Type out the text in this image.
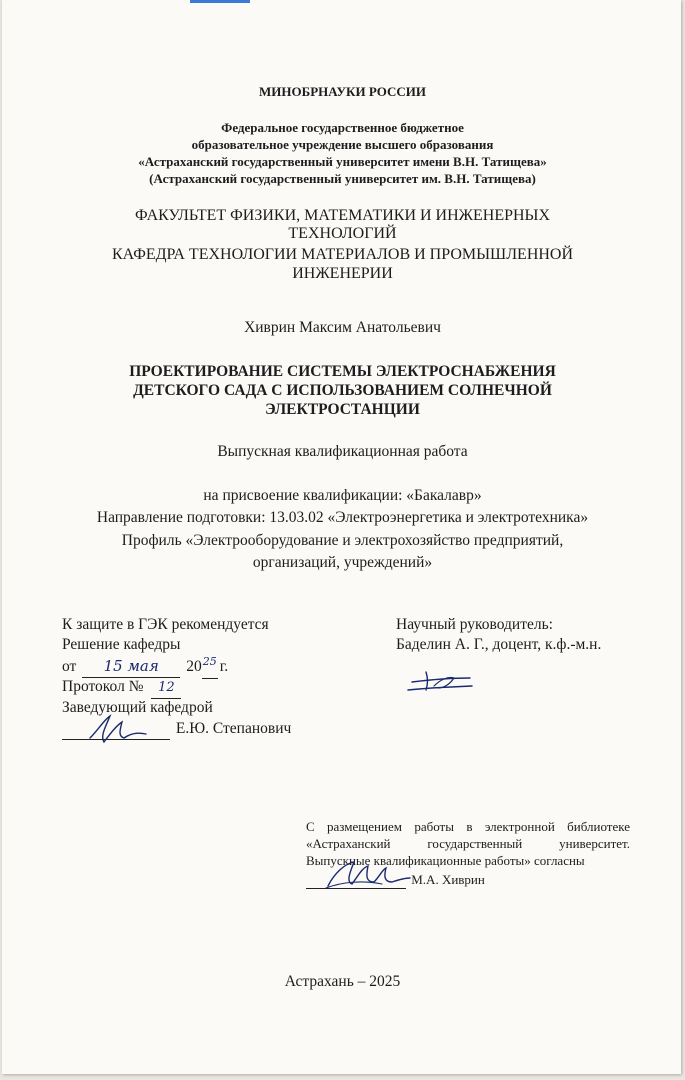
МИНОБРНАУКИ РОССИИ
Федеральное государственное бюджетное
образовательное учреждение высшего образования
«Астраханский государственный университет имени В.Н. Татищева»
(Астраханский государственный университет им. В.Н. Татищева)
ФАКУЛЬТЕТ ФИЗИКИ, МАТЕМАТИКИ И ИНЖЕНЕРНЫХ
ТЕХНОЛОГИЙ
КАФЕДРА ТЕХНОЛОГИИ МАТЕРИАЛОВ И ПРОМЫШЛЕННОЙ
ИНЖЕНЕРИИ
Хиврин Максим Анатольевич
ПРОЕКТИРОВАНИЕ СИСТЕМЫ ЭЛЕКТРОСНАБЖЕНИЯ
ДЕТСКОГО САДА С ИСПОЛЬЗОВАНИЕМ СОЛНЕЧНОЙ
ЭЛЕКТРОСТАНЦИИ
Выпускная квалификационная работа
на присвоение квалификации: «Бакалавр»
Направление подготовки: 13.03.02 «Электроэнергетика и электротехника»
Профиль «Электрооборудование и электрохозяйство предприятий,
организаций, учреждений»
К защите в ГЭК рекомендуется
Решение кафедры
от 15 мая $20^{25}$ г.
Протокол № 12
Заведующий кафедрой
Е.Ю. Степанович
Научный руководитель:
Баделин А. Г., доцент, к.ф.-м.н.

С размещением работы в электронной библиотеке

«Астраханский государственный университет.

Выпускные квалификационные работы» согласны

М.А. Хиврин
Астрахань – 2025
